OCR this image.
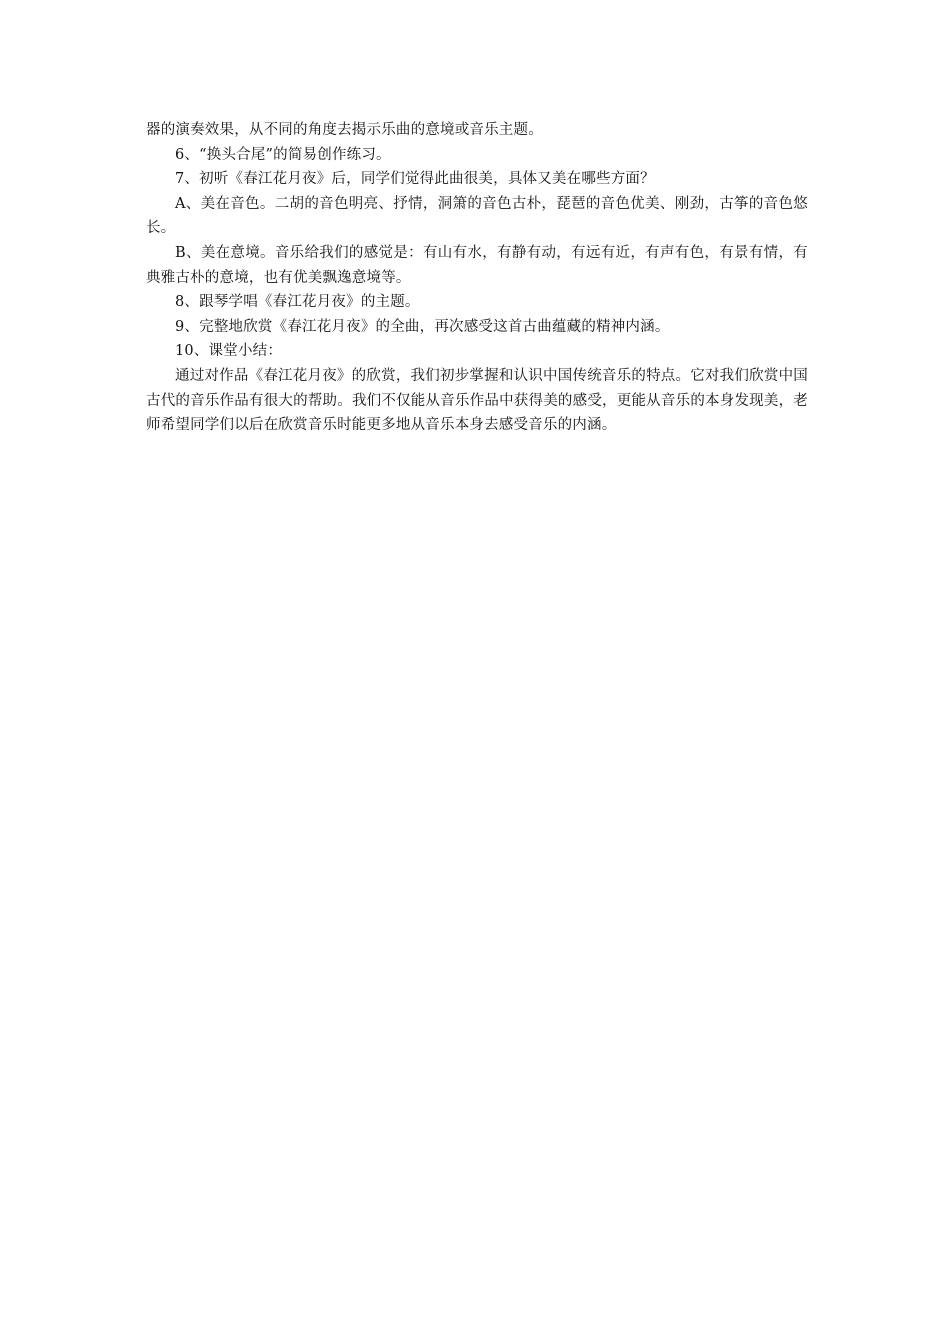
器的演奏效果，从不同的角度去揭示乐曲的意境或音乐主题。

6、“换头合尾”的简易创作练习。

7、初听《春江花月夜》后，同学们觉得此曲很美，具体又美在哪些方面？

A、美在音色。二胡的音色明亮、抒情，洞箫的音色古朴，琵琶的音色优美、刚劲，古筝的音色悠长。

B、美在意境。音乐给我们的感觉是：有山有水，有静有动，有远有近，有声有色，有景有情，有典雅古朴的意境，也有优美飘逸意境等。

8、跟琴学唱《春江花月夜》的主题。

9、完整地欣赏《春江花月夜》的全曲，再次感受这首古曲蕴藏的精神内涵。

10、课堂小结：

通过对作品《春江花月夜》的欣赏，我们初步掌握和认识中国传统音乐的特点。它对我们欣赏中国古代的音乐作品有很大的帮助。我们不仅能从音乐作品中获得美的感受，更能从音乐的本身发现美，老师希望同学们以后在欣赏音乐时能更多地从音乐本身去感受音乐的内涵。
